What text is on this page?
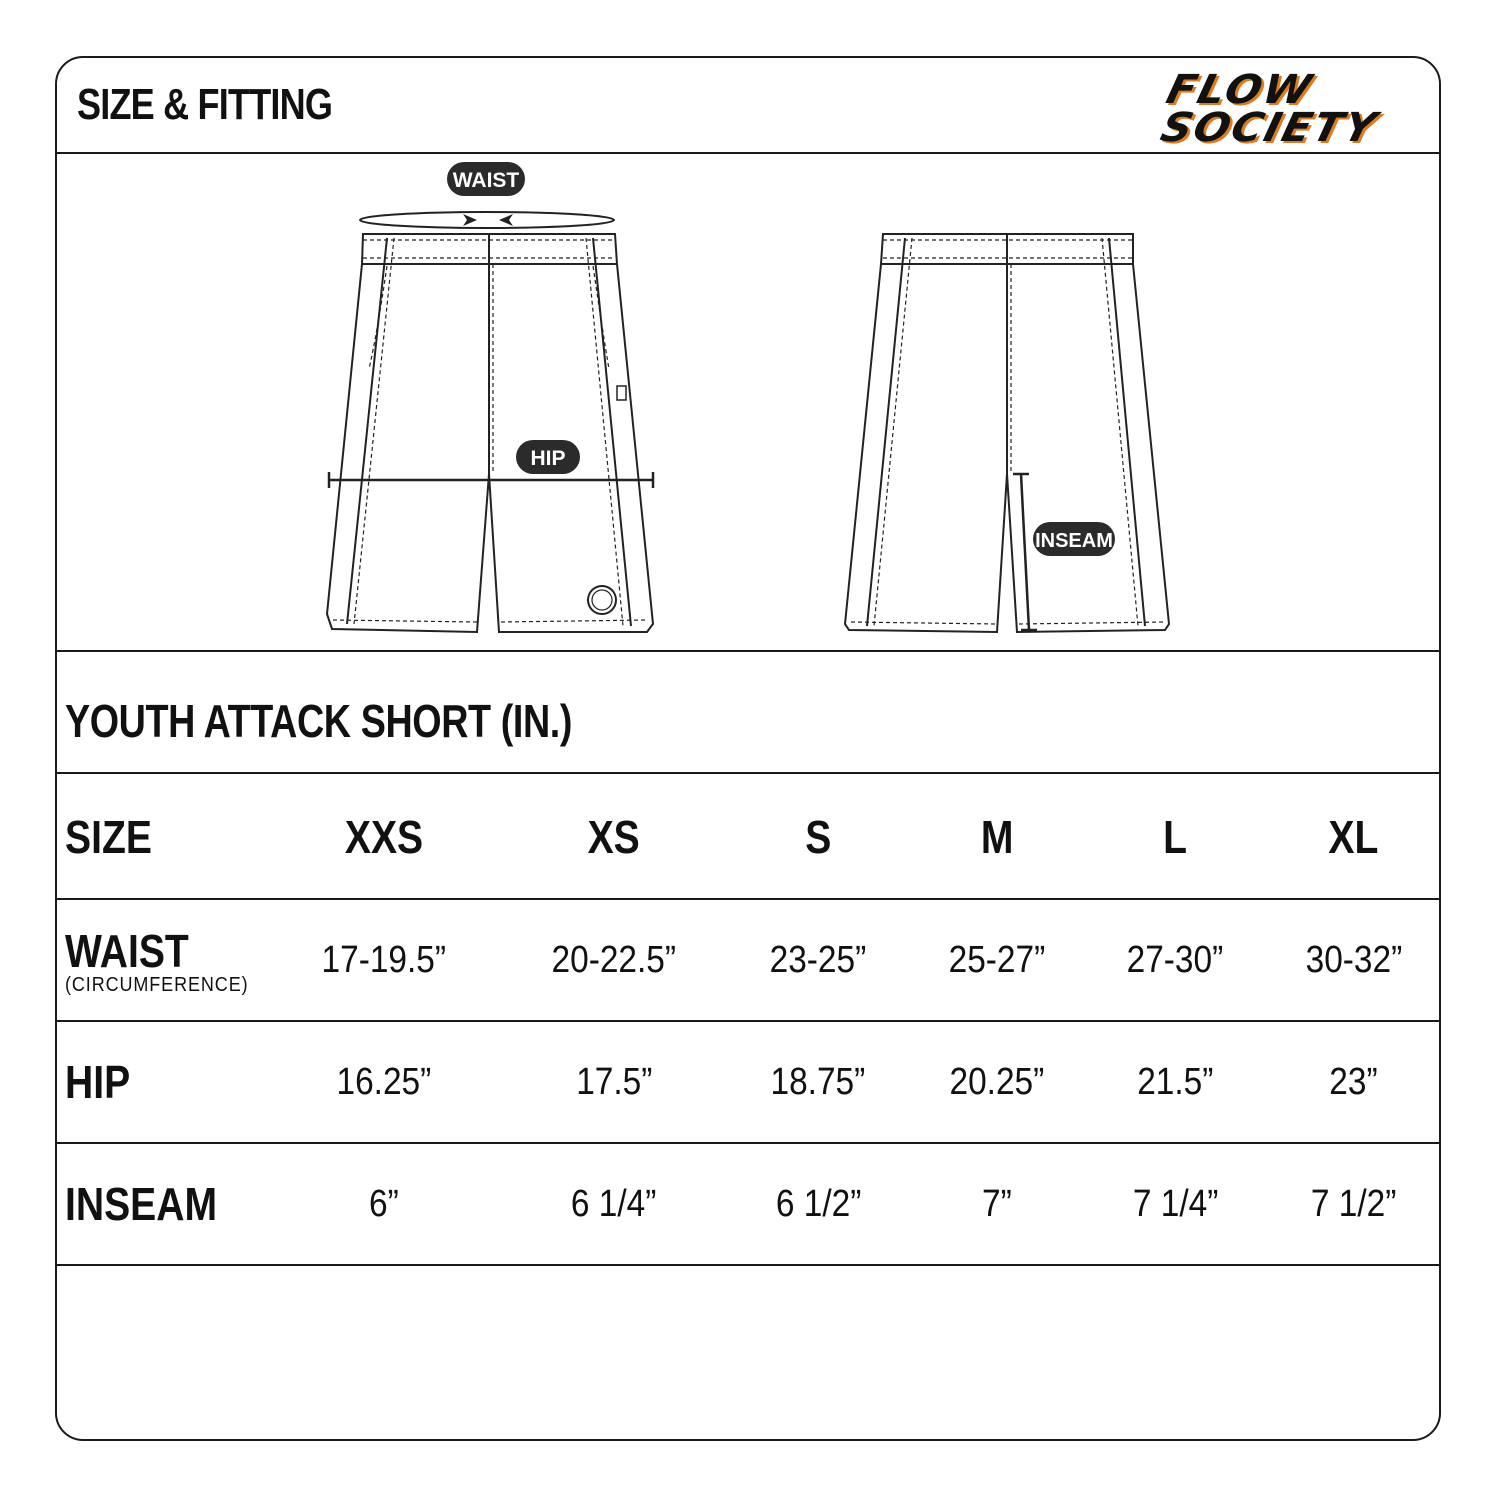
SIZE & FITTING	FLOW
SOCIETY
WAIST
HIP
INSEAM
YOUTH ATTACK SHORT (IN.)
SIZE	XXS	XS	S	M	L	XL
WAIST
(CIRCUMFERENCE)	17-19.5”	20-22.5”	23-25”	25-27”	27-30”	30-32”
HIP	16.25”	17.5”	18.75”	20.25”	21.5”	23”
INSEAM	6”	6 1/4”	6 1/2”	7”	7 1/4”	7 1/2”
